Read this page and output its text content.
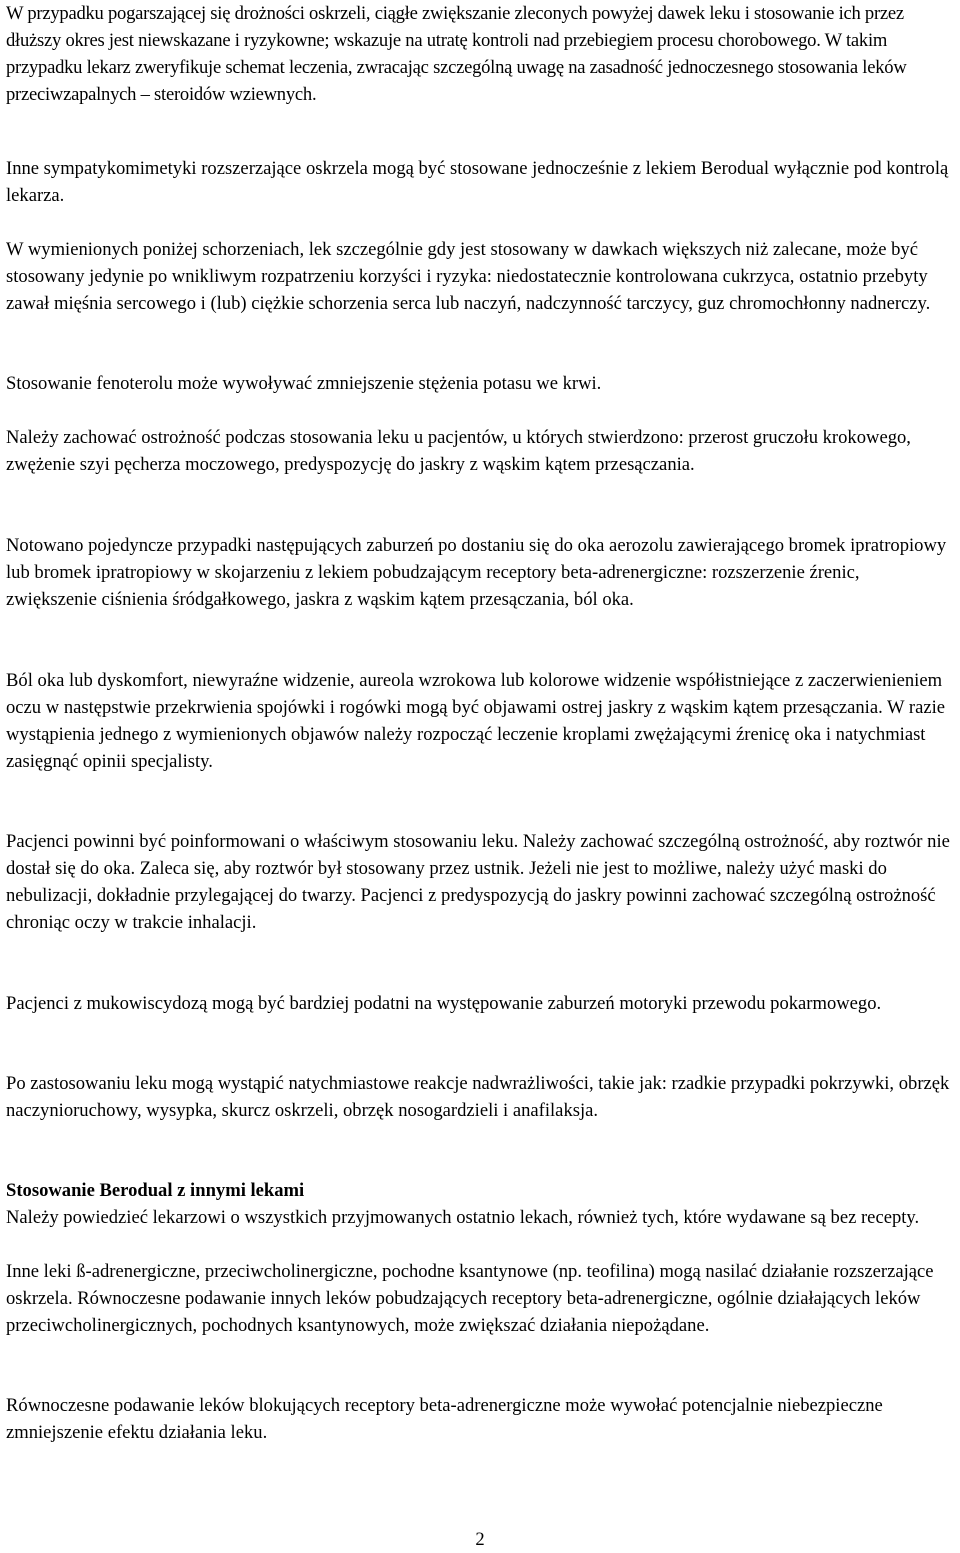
W przypadku pogarszającej się drożności oskrzeli, ciągłe zwiększanie zleconych powyżej dawek leku i stosowanie ich przez dłuższy okres jest niewskazane i ryzykowne; wskazuje na utratę kontroli nad przebiegiem procesu chorobowego. W takim przypadku lekarz zweryfikuje schemat leczenia, zwracając szczególną uwagę na zasadność jednoczesnego stosowania leków przeciwzapalnych – steroidów wziewnych.

Inne sympatykomimetyki rozszerzające oskrzela mogą być stosowane jednocześnie z lekiem Berodual wyłącznie pod kontrolą lekarza.

W wymienionych poniżej schorzeniach, lek szczególnie gdy jest stosowany w dawkach większych niż zalecane, może być stosowany jedynie po wnikliwym rozpatrzeniu korzyści i ryzyka: niedostatecznie kontrolowana cukrzyca, ostatnio przebyty zawał mięśnia sercowego i (lub) ciężkie schorzenia serca lub naczyń, nadczynność tarczycy, guz chromochłonny nadnerczy.

Stosowanie fenoterolu może wywoływać zmniejszenie stężenia potasu we krwi.

Należy zachować ostrożność podczas stosowania leku u pacjentów, u których stwierdzono: przerost gruczołu krokowego, zwężenie szyi pęcherza moczowego, predyspozycję do jaskry z wąskim kątem przesączania.

Notowano pojedyncze przypadki następujących zaburzeń po dostaniu się do oka aerozolu zawierającego bromek ipratropiowy lub bromek ipratropiowy w skojarzeniu z lekiem pobudzającym receptory beta-adrenergiczne: rozszerzenie źrenic, zwiększenie ciśnienia śródgałkowego, jaskra z wąskim kątem przesączania, ból oka.

Ból oka lub dyskomfort, niewyraźne widzenie, aureola wzrokowa lub kolorowe widzenie współistniejące z zaczerwienieniem oczu w następstwie przekrwienia spojówki i rogówki mogą być objawami ostrej jaskry z wąskim kątem przesączania. W razie wystąpienia jednego z wymienionych objawów należy rozpocząć leczenie kroplami zwężającymi źrenicę oka i natychmiast zasięgnąć opinii specjalisty.

Pacjenci powinni być poinformowani o właściwym stosowaniu leku. Należy zachować szczególną ostrożność, aby roztwór nie dostał się do oka. Zaleca się, aby roztwór był stosowany przez ustnik. Jeżeli nie jest to możliwe, należy użyć maski do nebulizacji, dokładnie przylegającej do twarzy. Pacjenci z predyspozycją do jaskry powinni zachować szczególną ostrożność chroniąc oczy w trakcie inhalacji.

Pacjenci z mukowiscydozą mogą być bardziej podatni na występowanie zaburzeń motoryki przewodu pokarmowego.

Po zastosowaniu leku mogą wystąpić natychmiastowe reakcje nadwrażliwości, takie jak: rzadkie przypadki pokrzywki, obrzęk naczynioruchowy, wysypka, skurcz oskrzeli, obrzęk nosogardzieli i anafilaksja.

Stosowanie Berodual z innymi lekami

Należy powiedzieć lekarzowi o wszystkich przyjmowanych ostatnio lekach, również tych, które wydawane są bez recepty.

Inne leki ß-adrenergiczne, przeciwcholinergiczne, pochodne ksantynowe (np. teofilina) mogą nasilać działanie rozszerzające oskrzela. Równoczesne podawanie innych leków pobudzających receptory beta-adrenergiczne, ogólnie działających leków przeciwcholinergicznych, pochodnych ksantynowych, może zwiększać działania niepożądane.

Równoczesne podawanie leków blokujących receptory beta-adrenergiczne może wywołać potencjalnie niebezpieczne zmniejszenie efektu działania leku.

2
